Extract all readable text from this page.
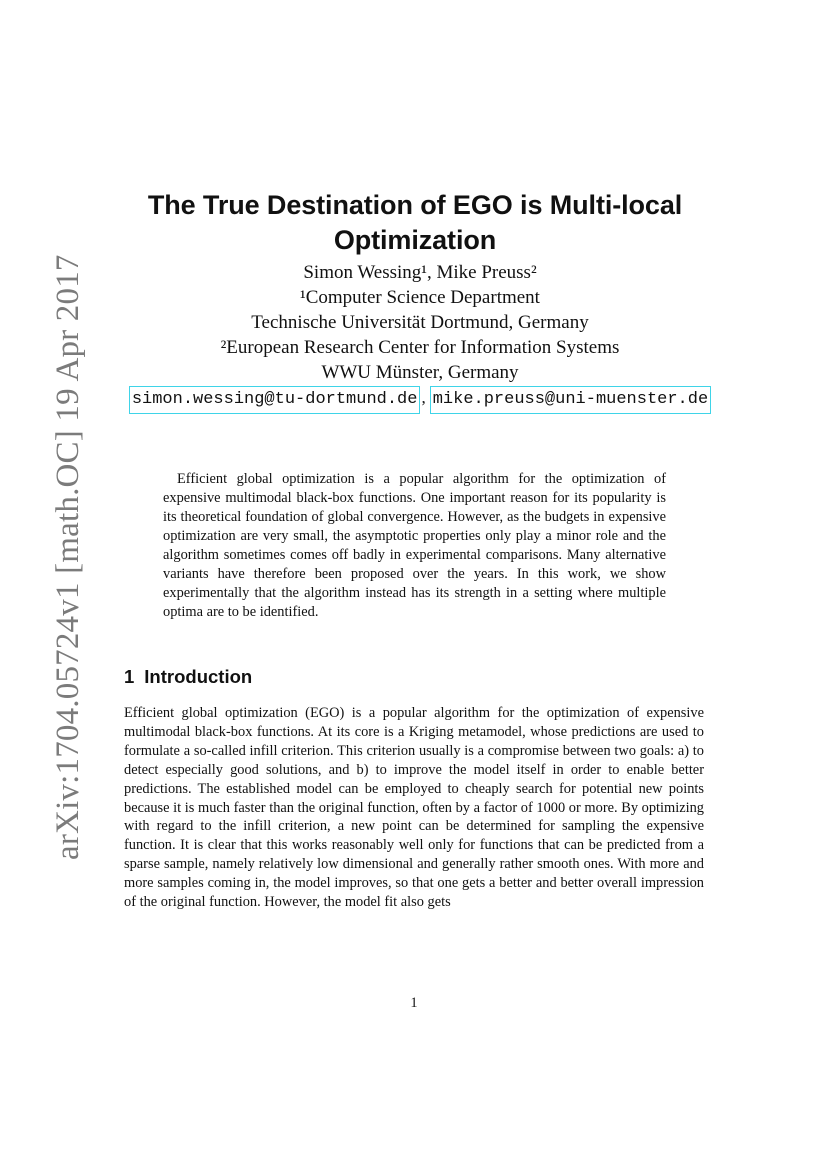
arXiv:1704.05724v1 [math.OC] 19 Apr 2017
The True Destination of EGO is Multi-local
Optimization
Simon Wessing¹, Mike Preuss²
¹Computer Science Department
Technische Universität Dortmund, Germany
²European Research Center for Information Systems
WWU Münster, Germany
simon.wessing@tu-dortmund.de , mike.preuss@uni-muenster.de

Efficient global optimization is a popular algorithm for the optimization of expensive multimodal black-box functions. One important reason for its popularity is its theoretical foundation of global convergence. However, as the budgets in expensive optimization are very small, the asymptotic properties only play a minor role and the algorithm sometimes comes off badly in experimental comparisons. Many alternative variants have therefore been proposed over the years. In this work, we show experimentally that the algorithm instead has its strength in a setting where multiple optima are to be identified.

1 Introduction

Efficient global optimization (EGO) is a popular algorithm for the optimization of expensive multimodal black-box functions. At its core is a Kriging metamodel, whose predictions are used to formulate a so-called infill criterion. This criterion usually is a compromise between two goals: a) to detect especially good solutions, and b) to improve the model itself in order to enable better predictions. The established model can be employed to cheaply search for potential new points because it is much faster than the original function, often by a factor of 1000 or more. By optimizing with regard to the infill criterion, a new point can be determined for sampling the expensive function. It is clear that this works reasonably well only for functions that can be predicted from a sparse sample, namely relatively low dimensional and generally rather smooth ones. With more and more samples coming in, the model improves, so that one gets a better and better overall impression of the original function. However, the model fit also gets

1
